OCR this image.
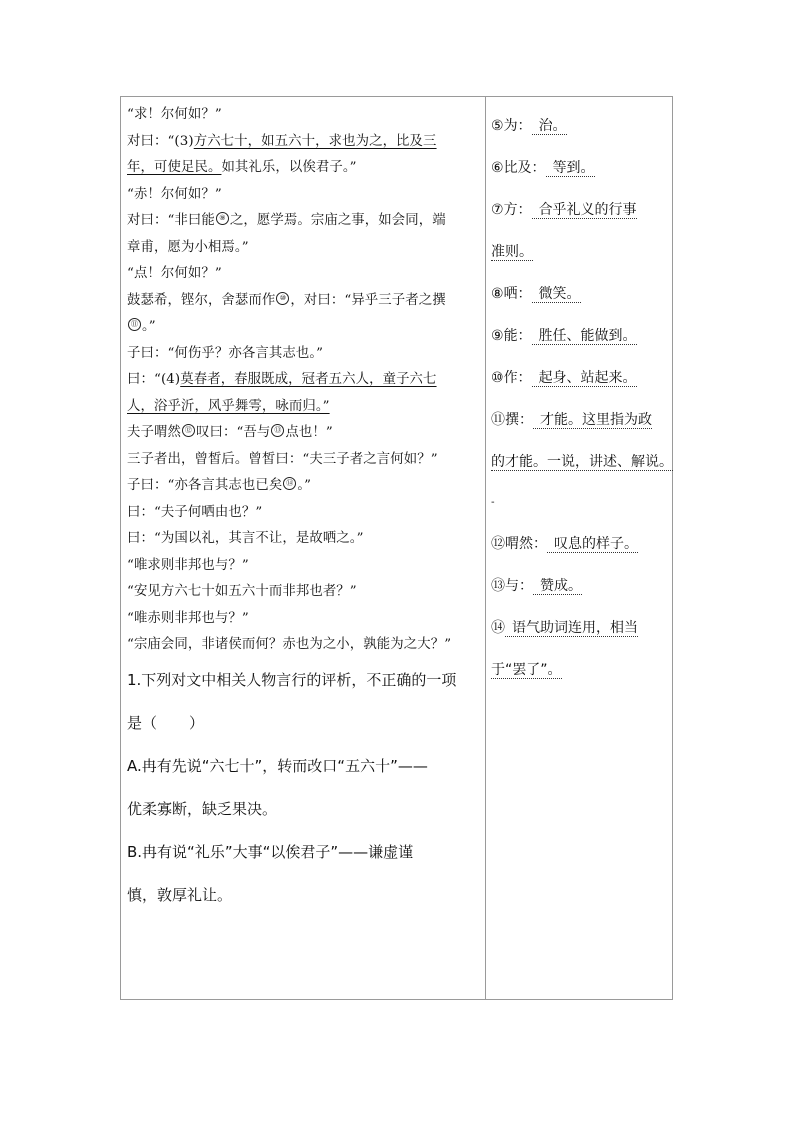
“求！尔何如？”
对曰：“(3)方六七十，如五六十，求也为之，比及三
年，可使足民。如其礼乐，以俟君子。”
“赤！尔何如？”
对曰：“非曰能 ⑨ 之，愿学焉。宗庙之事，如会同，端
章甫，愿为小相焉。”
“点！尔何如？”
鼓瑟希，铿尔，舍瑟而作 ⑩ ，对曰：“异乎三子者之撰
⑪ 。”
子曰：“何伤乎？亦各言其志也。”
曰：“(4)莫春者，春服既成，冠者五六人，童子六七
人，浴乎沂，风乎舞雩，咏而归。”
夫子喟然 ⑫ 叹曰：“吾与 ⑬ 点也！”
三子者出，曾皙后。曾皙曰：“夫三子者之言何如？”
子曰：“亦各言其志也已矣 ⑭ 。”
曰：“夫子何哂由也？”
曰：“为国以礼，其言不让，是故哂之。”
“唯求则非邦也与？”
“安见方六七十如五六十而非邦也者？”
“唯赤则非邦也与？”
“宗庙会同，非诸侯而何？赤也为之小，孰能为之大？”
1.下列对文中相关人物言行的评析，不正确的一项
是（ ）
A.冉有先说“六七十”，转而改口“五六十”——
优柔寡断，缺乏果决。
B.冉有说“礼乐”大事“以俟君子”——谦虚谨
慎，敦厚礼让。
⑤为： 治。
⑥比及： 等到。
⑦方： 合乎礼义的行事
准则。
⑧哂： 微笑。
⑨能： 胜任、能做到。
⑩作： 起身、站起来。
⑪撰： 才能。这里指为政
的才能。一说，讲述、解说。
-
⑫喟然： 叹息的样子。
⑬与： 赞成。
⑭ 语气助词连用，相当
于“罢了”。
